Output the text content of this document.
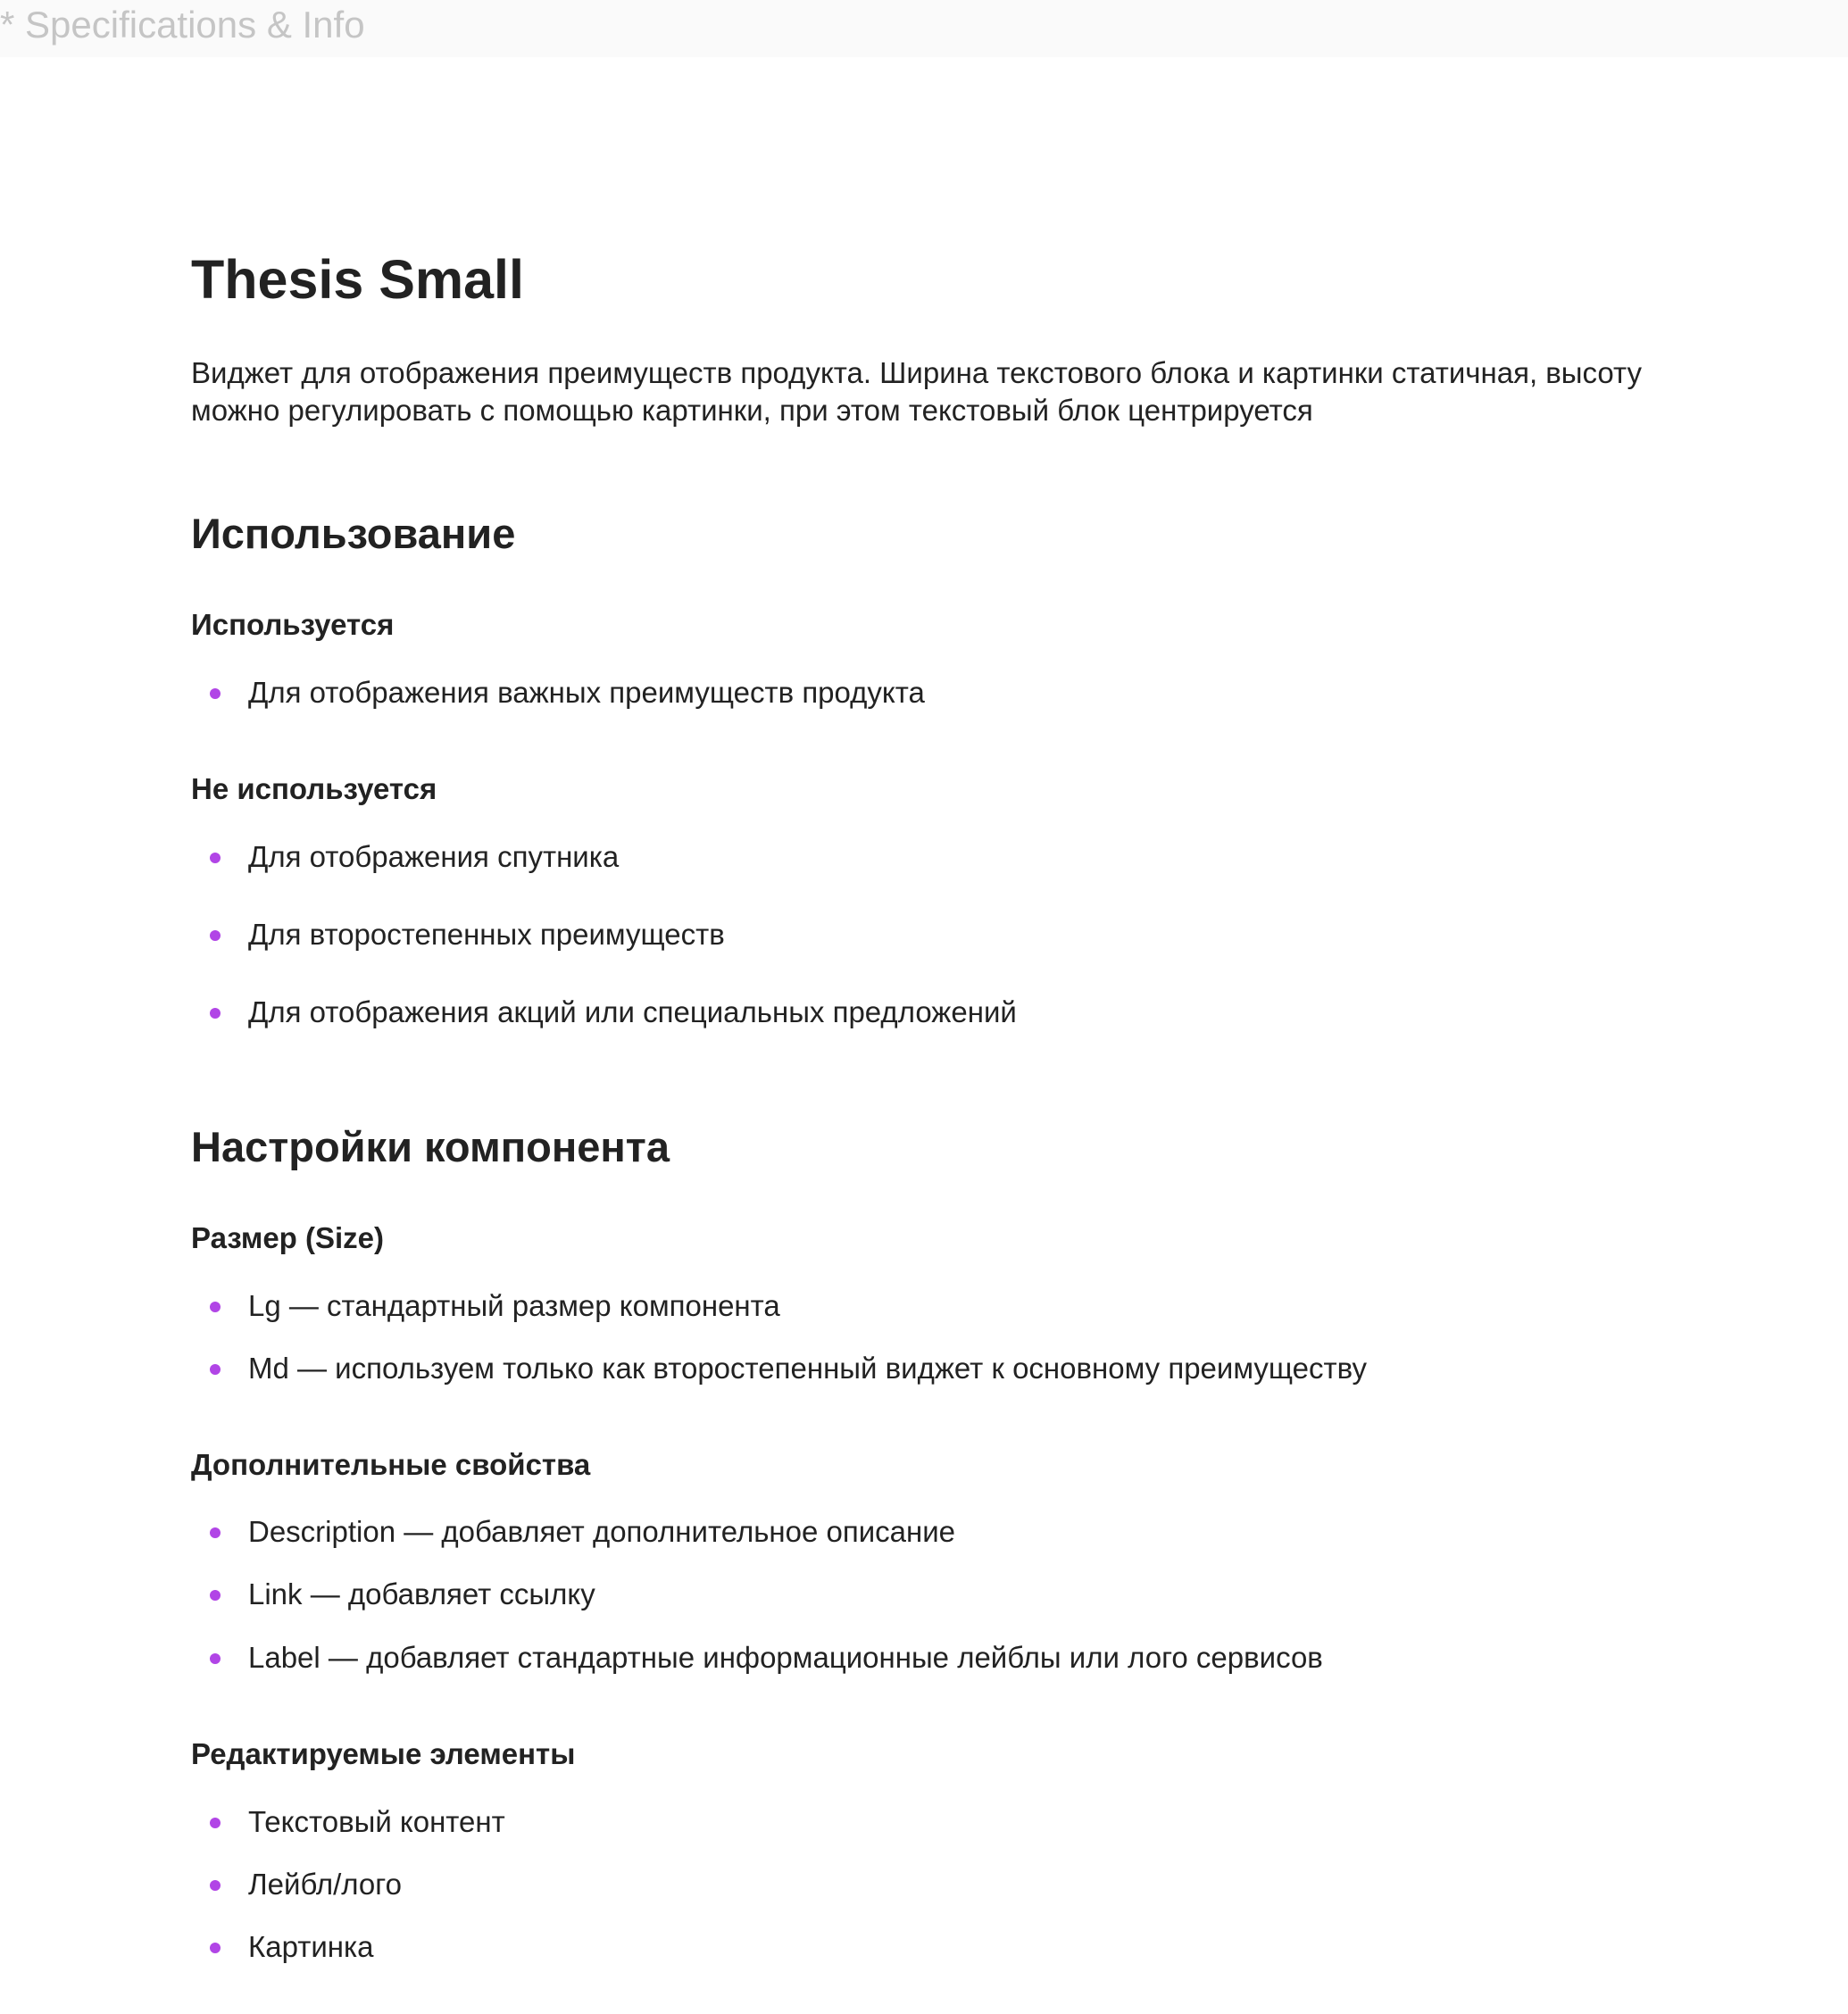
* Specifications & Info
Thesis Small

Виджет для отображения преимуществ продукта. Ширина текстового блока и картинки статичная, высоту можно регулировать с помощью картинки, при этом текстовый блок центрируется

Использование
Используется
Для отображения важных преимуществ продукта
Не используется
Для отображения спутника
Для второстепенных преимуществ
Для отображения акций или специальных предложений
Настройки компонента
Размер (Size)
Lg — стандартный размер компонента
Md — используем только как второстепенный виджет к основному преимуществу
Дополнительные свойства
Description — добавляет дополнительное описание
Link — добавляет ссылку
Label — добавляет стандартные информационные лейблы или лого сервисов
Редактируемые элементы
Текстовый контент
Лейбл/лого
Картинка
